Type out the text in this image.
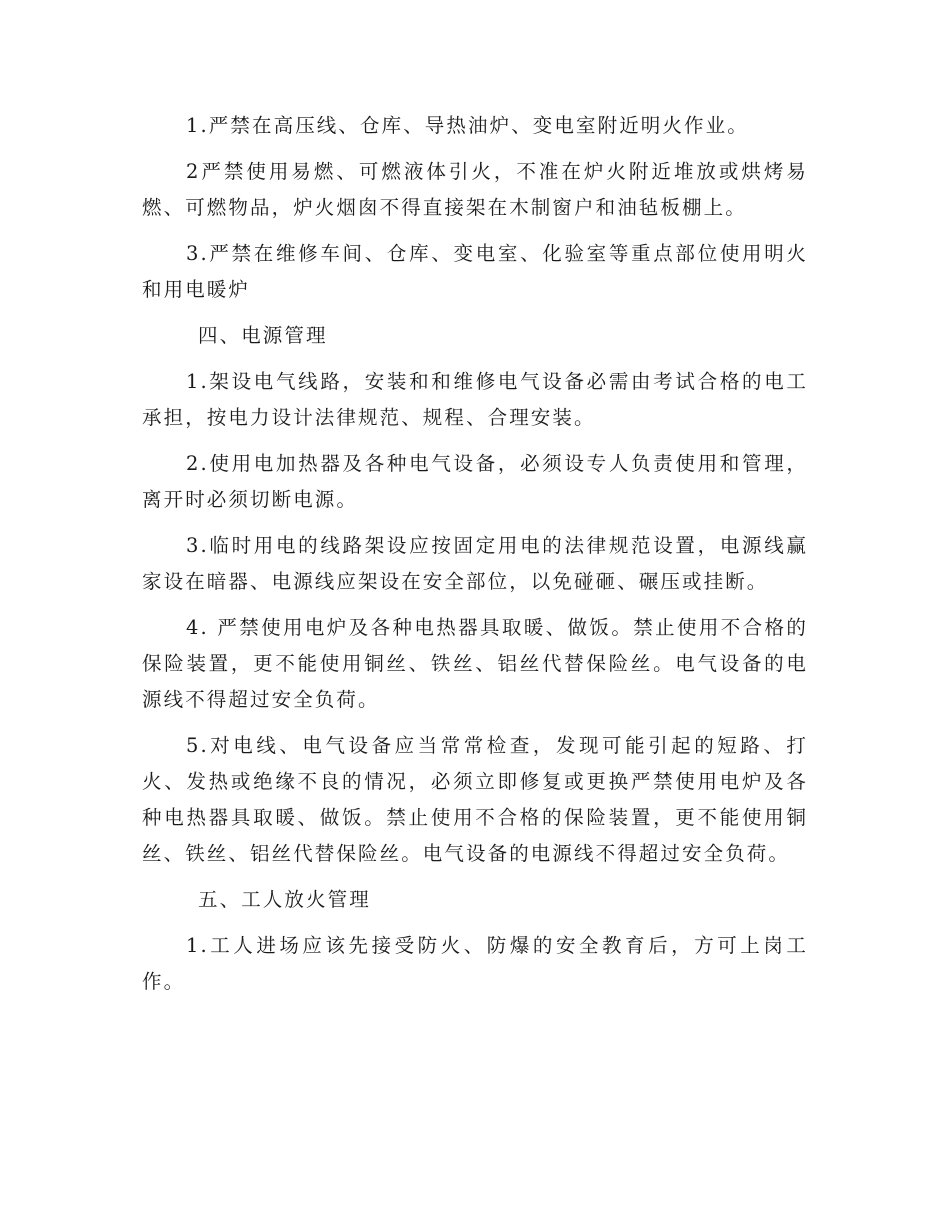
1.严禁在高压线、仓库、导热油炉、变电室附近明火作业。

2严禁使用易燃、可燃液体引火，不准在炉火附近堆放或烘烤易燃、可燃物品，炉火烟囱不得直接架在木制窗户和油毡板棚上。

3.严禁在维修车间、仓库、变电室、化验室等重点部位使用明火和用电暖炉

四、电源管理

1.架设电气线路，安装和和维修电气设备必需由考试合格的电工承担，按电力设计法律规范、规程、合理安装。

2.使用电加热器及各种电气设备，必须设专人负责使用和管理，离开时必须切断电源。

3.临时用电的线路架设应按固定用电的法律规范设置，电源线赢家设在暗器、电源线应架设在安全部位，以免碰砸、碾压或挂断。

4. 严禁使用电炉及各种电热器具取暖、做饭。禁止使用不合格的保险装置，更不能使用铜丝、铁丝、铝丝代替保险丝。电气设备的电源线不得超过安全负荷。

5.对电线、电气设备应当常常检查，发现可能引起的短路、打火、发热或绝缘不良的情况，必须立即修复或更换严禁使用电炉及各种电热器具取暖、做饭。禁止使用不合格的保险装置，更不能使用铜丝、铁丝、铝丝代替保险丝。电气设备的电源线不得超过安全负荷。

五、工人放火管理

1.工人进场应该先接受防火、防爆的安全教育后，方可上岗工作。
